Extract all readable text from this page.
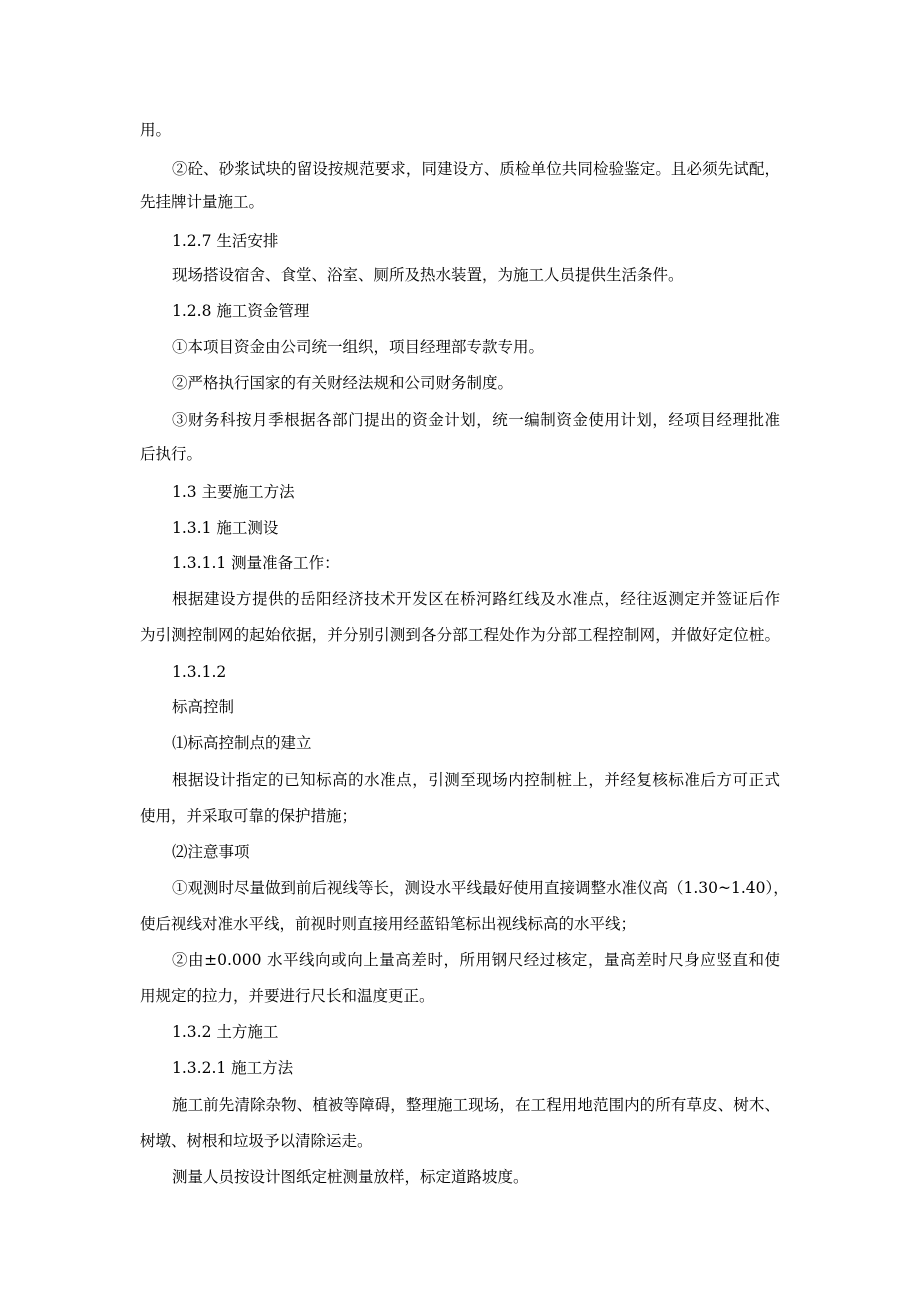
用。
②砼、砂浆试块的留设按规范要求，同建设方、质检单位共同检验鉴定。且必须先试配，
先挂牌计量施工。
1.2.7 生活安排
现场搭设宿舍、食堂、浴室、厕所及热水装置，为施工人员提供生活条件。
1.2.8 施工资金管理
①本项目资金由公司统一组织，项目经理部专款专用。
②严格执行国家的有关财经法规和公司财务制度。
③财务科按月季根据各部门提出的资金计划，统一编制资金使用计划，经项目经理批准
后执行。
1.3 主要施工方法
1.3.1 施工测设
1.3.1.1 测量准备工作：
根据建设方提供的岳阳经济技术开发区在桥河路红线及水准点，经往返测定并签证后作
为引测控制网的起始依据，并分别引测到各分部工程处作为分部工程控制网，并做好定位桩。
1.3.1.2
标高控制
⑴标高控制点的建立
根据设计指定的已知标高的水准点，引测至现场内控制桩上，并经复核标准后方可正式
使用，并采取可靠的保护措施；
⑵注意事项
①观测时尽量做到前后视线等长，测设水平线最好使用直接调整水准仪高（1.30~1.40），
使后视线对准水平线，前视时则直接用经蓝铅笔标出视线标高的水平线；
②由±0.000 水平线向或向上量高差时，所用钢尺经过核定，量高差时尺身应竖直和使
用规定的拉力，并要进行尺长和温度更正。
1.3.2 土方施工
1.3.2.1 施工方法
施工前先清除杂物、植被等障碍，整理施工现场，在工程用地范围内的所有草皮、树木、
树墩、树根和垃圾予以清除运走。
测量人员按设计图纸定桩测量放样，标定道路坡度。
